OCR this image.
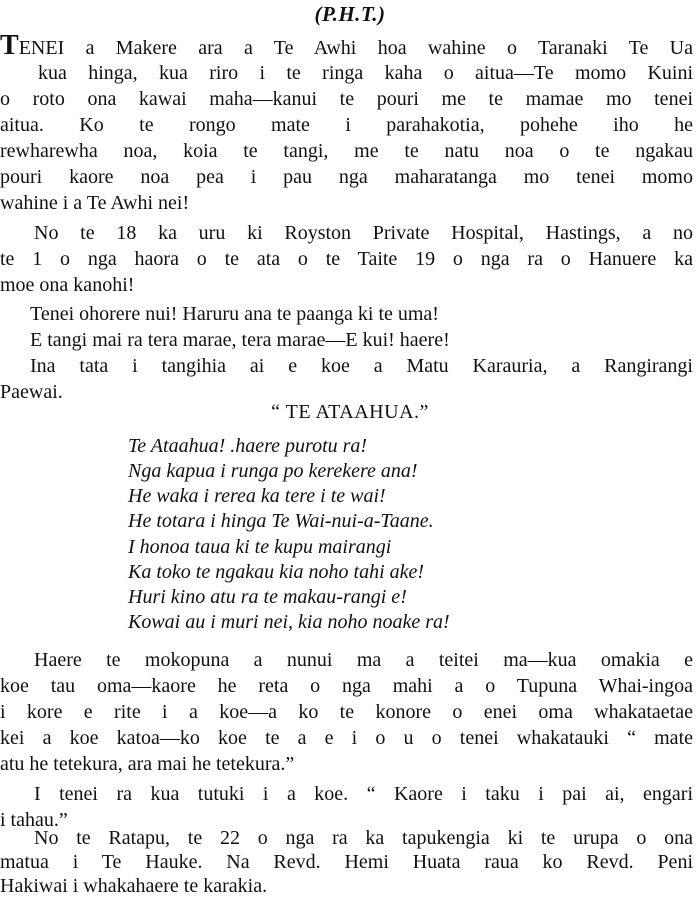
(P.H.T.)
TENEI a Makere ara a Te Awhi hoa wahine o Taranaki Te Ua
kua hinga, kua riro i te ringa kaha o aitua—Te momo Kuini
o roto ona kawai maha—kanui te pouri me te mamae mo tenei
aitua. Ko te rongo mate i parahakotia, pohehe iho he
rewharewha noa, koia te tangi, me te natu noa o te ngakau
pouri kaore noa pea i pau nga maharatanga mo tenei momo
wahine i a Te Awhi nei!
No te 18 ka uru ki Royston Private Hospital, Hastings, a no
te 1 o nga haora o te ata o te Taite 19 o nga ra o Hanuere ka
moe ona kanohi!
Tenei ohorere nui! Haruru ana te paanga ki te uma!
E tangi mai ra tera marae, tera marae—E kui! haere!
Ina tata i tangihia ai e koe a Matu Karauria, a Rangirangi
Paewai.
“ TE ATAAHUA.”
Te Ataahua! .haere purotu ra!
Nga kapua i runga po kerekere ana!
He waka i rerea ka tere i te wai!
He totara i hinga Te Wai-nui-a-Taane.
I honoa taua ki te kupu mairangi
Ka toko te ngakau kia noho tahi ake!
Huri kino atu ra te makau-rangi e!
Kowai au i muri nei, kia noho noake ra!
Haere te mokopuna a nunui ma a teitei ma—kua omakia e
koe tau oma—kaore he reta o nga mahi a o Tupuna Whai-ingoa
i kore e rite i a koe—a ko te konore o enei oma whakataetae
kei a koe katoa—ko koe te a e i o u o tenei whakatauki “ mate
atu he tetekura, ara mai he tetekura.”
I tenei ra kua tutuki i a koe. “ Kaore i taku i pai ai, engari
i tahau.”
No te Ratapu, te 22 o nga ra ka tapukengia ki te urupa o ona
matua i Te Hauke. Na Revd. Hemi Huata raua ko Revd. Peni
Hakiwai i whakahaere te karakia.
